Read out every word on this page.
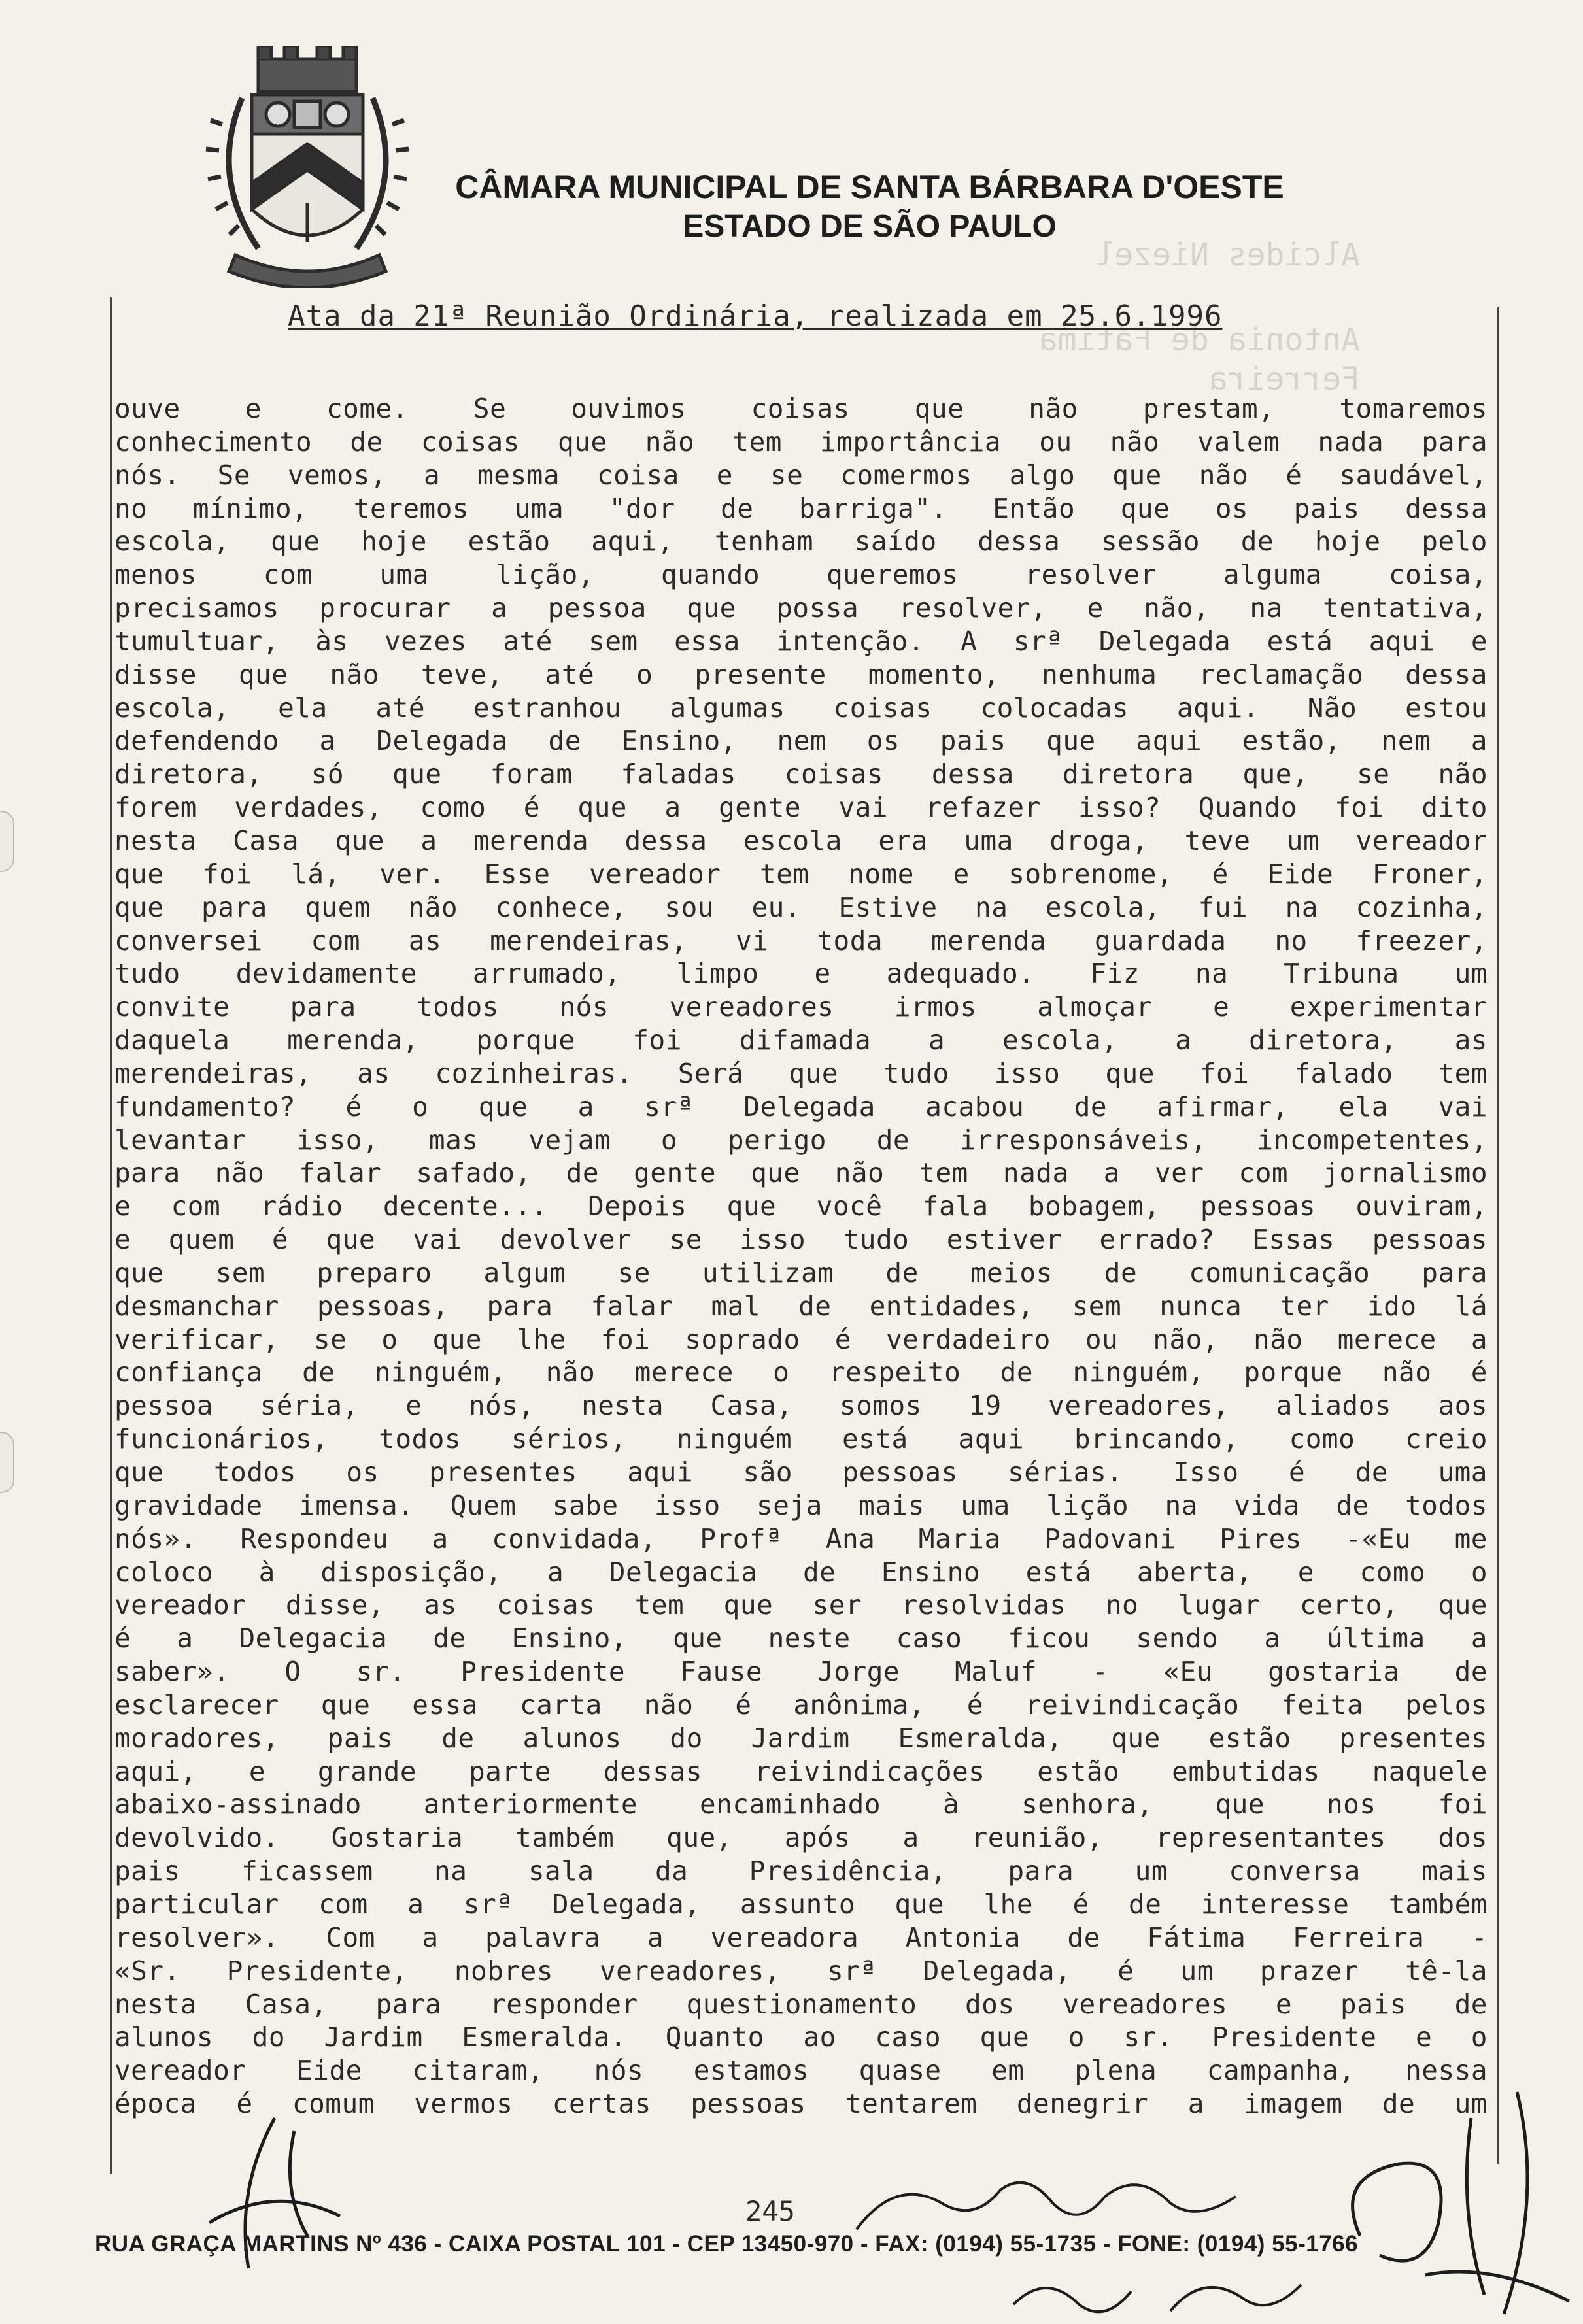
CÂMARA MUNICIPAL DE SANTA BÁRBARA D'OESTE
ESTADO DE SÃO PAULO
Alcides Niezel
Antonia de Fátima Ferreira
Ata da 21ª Reunião Ordinária, realizada em 25.6.1996
ouve e come. Se ouvimos coisas que não prestam, tomaremos
conhecimento de coisas que não tem importância ou não valem nada para
nós. Se vemos, a mesma coisa e se comermos algo que não é saudável,
no mínimo, teremos uma "dor de barriga". Então que os pais dessa
escola, que hoje estão aqui, tenham saído dessa sessão de hoje pelo
menos com uma lição, quando queremos resolver alguma coisa,
precisamos procurar a pessoa que possa resolver, e não, na tentativa,
tumultuar, às vezes até sem essa intenção. A srª Delegada está aqui e
disse que não teve, até o presente momento, nenhuma reclamação dessa
escola, ela até estranhou algumas coisas colocadas aqui. Não estou
defendendo a Delegada de Ensino, nem os pais que aqui estão, nem a
diretora, só que foram faladas coisas dessa diretora que, se não
forem verdades, como é que a gente vai refazer isso? Quando foi dito
nesta Casa que a merenda dessa escola era uma droga, teve um vereador
que foi lá, ver. Esse vereador tem nome e sobrenome, é Eide Froner,
que para quem não conhece, sou eu. Estive na escola, fui na cozinha,
conversei com as merendeiras, vi toda merenda guardada no freezer,
tudo devidamente arrumado, limpo e adequado. Fiz na Tribuna um
convite para todos nós vereadores irmos almoçar e experimentar
daquela merenda, porque foi difamada a escola, a diretora, as
merendeiras, as cozinheiras. Será que tudo isso que foi falado tem
fundamento? é o que a srª Delegada acabou de afirmar, ela vai
levantar isso, mas vejam o perigo de irresponsáveis, incompetentes,
para não falar safado, de gente que não tem nada a ver com jornalismo
e com rádio decente... Depois que você fala bobagem, pessoas ouviram,
e quem é que vai devolver se isso tudo estiver errado? Essas pessoas
que sem preparo algum se utilizam de meios de comunicação para
desmanchar pessoas, para falar mal de entidades, sem nunca ter ido lá
verificar, se o que lhe foi soprado é verdadeiro ou não, não merece a
confiança de ninguém, não merece o respeito de ninguém, porque não é
pessoa séria, e nós, nesta Casa, somos 19 vereadores, aliados aos
funcionários, todos sérios, ninguém está aqui brincando, como creio
que todos os presentes aqui são pessoas sérias. Isso é de uma
gravidade imensa. Quem sabe isso seja mais uma lição na vida de todos
nós». Respondeu a convidada, Profª Ana Maria Padovani Pires -«Eu me
coloco à disposição, a Delegacia de Ensino está aberta, e como o
vereador disse, as coisas tem que ser resolvidas no lugar certo, que
é a Delegacia de Ensino, que neste caso ficou sendo a última a
saber». O sr. Presidente Fause Jorge Maluf - «Eu gostaria de
esclarecer que essa carta não é anônima, é reivindicação feita pelos
moradores, pais de alunos do Jardim Esmeralda, que estão presentes
aqui, e grande parte dessas reivindicações estão embutidas naquele
abaixo-assinado anteriormente encaminhado à senhora, que nos foi
devolvido. Gostaria também que, após a reunião, representantes dos
pais ficassem na sala da Presidência, para um conversa mais
particular com a srª Delegada, assunto que lhe é de interesse também
resolver». Com a palavra a vereadora Antonia de Fátima Ferreira -
«Sr. Presidente, nobres vereadores, srª Delegada, é um prazer tê-la
nesta Casa, para responder questionamento dos vereadores e pais de
alunos do Jardim Esmeralda. Quanto ao caso que o sr. Presidente e o
vereador Eide citaram, nós estamos quase em plena campanha, nessa
época é comum vermos certas pessoas tentarem denegrir a imagem de um
245
RUA GRAÇA MARTINS Nº 436 - CAIXA POSTAL 101 - CEP 13450-970 - FAX: (0194) 55-1735 - FONE: (0194) 55-1766
